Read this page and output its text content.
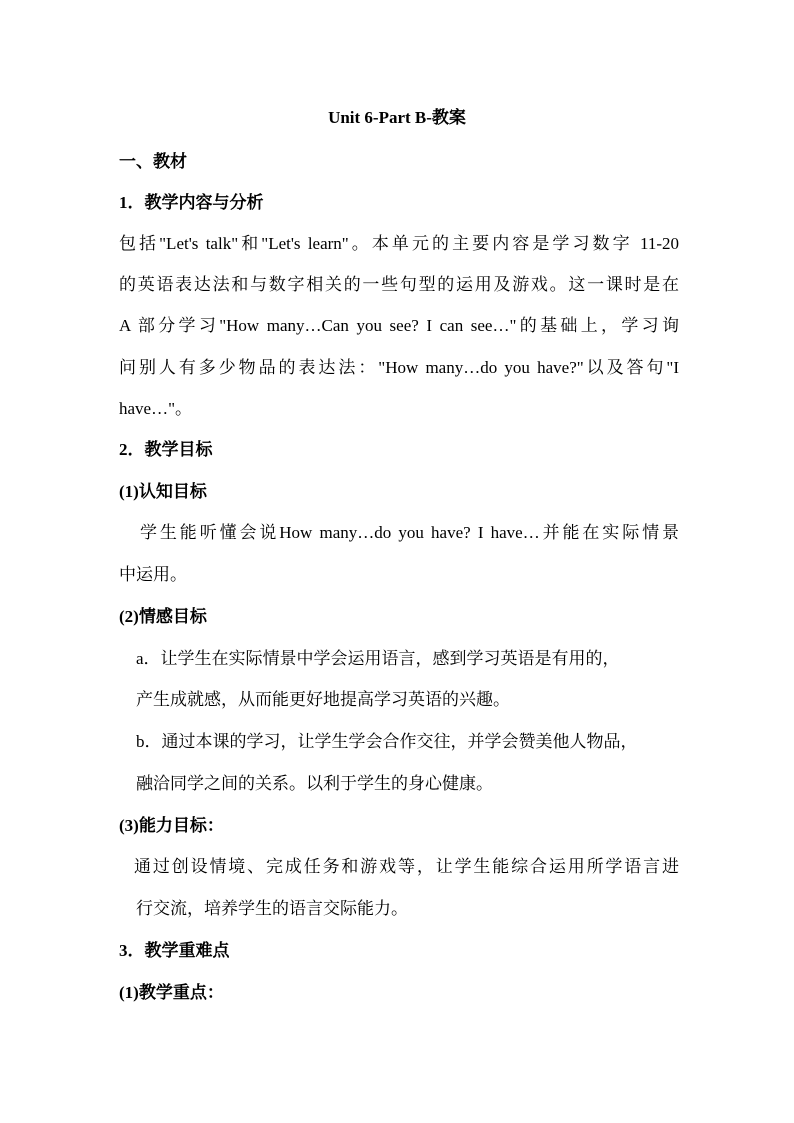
Unit 6-Part B-教案
一、教材
1．教学内容与分析
包括"Let's talk"和"Let's learn"。本单元的主要内容是学习数字 11-20
的英语表达法和与数字相关的一些句型的运用及游戏。这一课时是在
A 部分学习"How many…Can you see? I can see…"的基础上，学习询
问别人有多少物品的表达法："How many…do you have?"以及答句"I
have…"。
2．教学目标
(1)认知目标
学生能听懂会说How many…do you have? I have…并能在实际情景
中运用。
(2)情感目标
a．让学生在实际情景中学会运用语言，感到学习英语是有用的，
产生成就感，从而能更好地提高学习英语的兴趣。
b．通过本课的学习，让学生学会合作交往，并学会赞美他人物品，
融洽同学之间的关系。以利于学生的身心健康。
(3)能力目标：
通过创设情境、完成任务和游戏等，让学生能综合运用所学语言进
行交流，培养学生的语言交际能力。
3．教学重难点
(1)教学重点：
